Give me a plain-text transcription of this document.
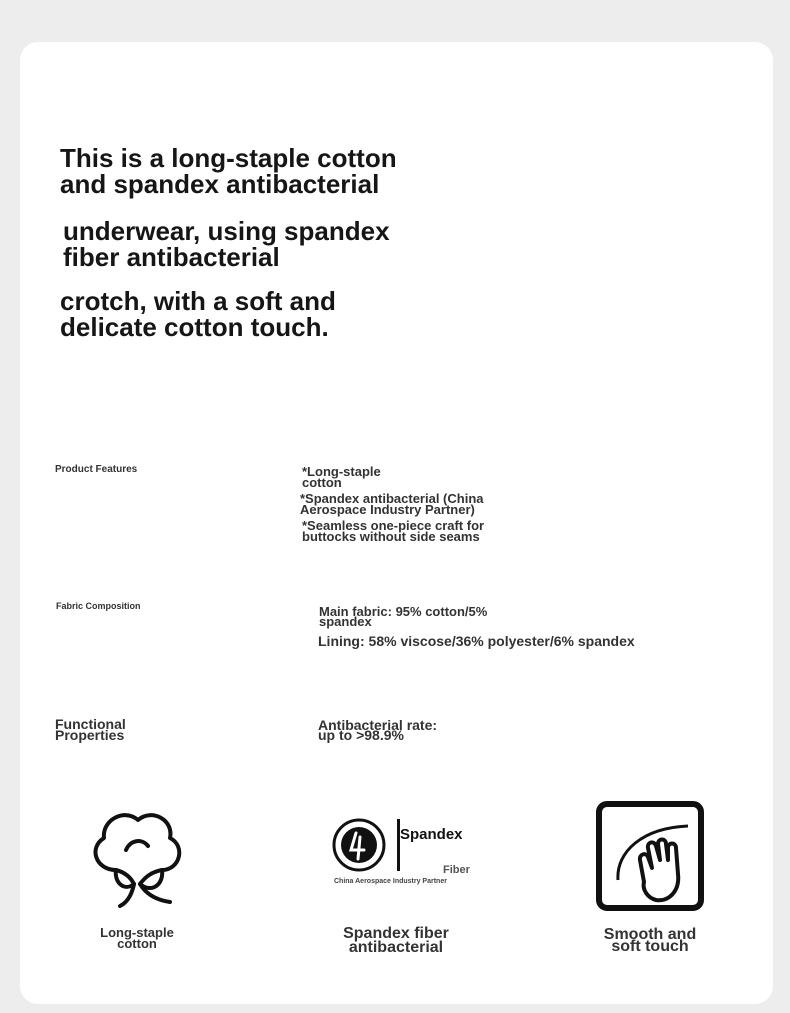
This is a long-staple cotton
and spandex antibacterial
underwear, using spandex
fiber antibacterial
crotch, with a soft and
delicate cotton touch.
Product Features	*Long-staple
cotton
*Spandex antibacterial (China
Aerospace Industry Partner)
*Seamless one-piece craft for
buttocks without side seams
Fabric Composition	Main fabric: 95% cotton/5%
spandex
Lining: 58% viscose/36% polyester/6% spandex
Functional
Properties
Antibacterial rate:
up to >98.9%
Long-staple
cotton
Spandex
Fiber
China Aerospace Industry Partner
Spandex fiber
antibacterial
Smooth and
soft touch
